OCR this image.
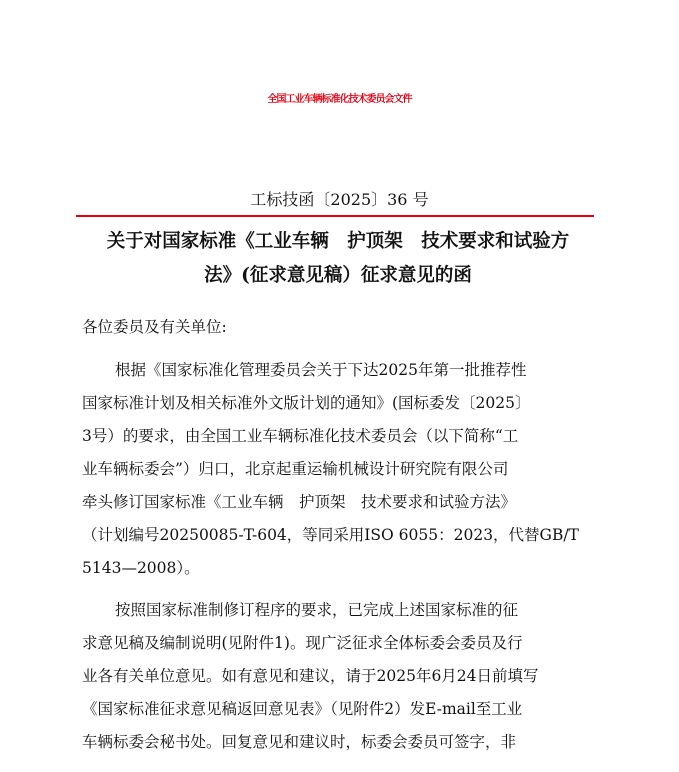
全国工业车辆标准化技术委员会文件
工标技函〔2025〕36 号
关于对国家标准《工业车辆　护顶架　技术要求和试验方
法》(征求意见稿）征求意见的函
各位委员及有关单位:
根据《国家标准化管理委员会关于下达2025年第一批推荐性
国家标准计划及相关标准外文版计划的通知》(国标委发〔2025〕
3号）的要求，由全国工业车辆标准化技术委员会（以下简称“工
业车辆标委会”）归口，北京起重运输机械设计研究院有限公司
牵头修订国家标准《工业车辆　护顶架　技术要求和试验方法》
（计划编号20250085-T-604，等同采用ISO 6055：2023，代替GB/T
5143—2008）。
按照国家标准制修订程序的要求，已完成上述国家标准的征
求意见稿及编制说明(见附件1)。现广泛征求全体标委会委员及行
业各有关单位意见。如有意见和建议，请于2025年6月24日前填写
《国家标准征求意见稿返回意见表》（见附件2）发E-mail至工业
车辆标委会秘书处。回复意见和建议时，标委会委员可签字，非
